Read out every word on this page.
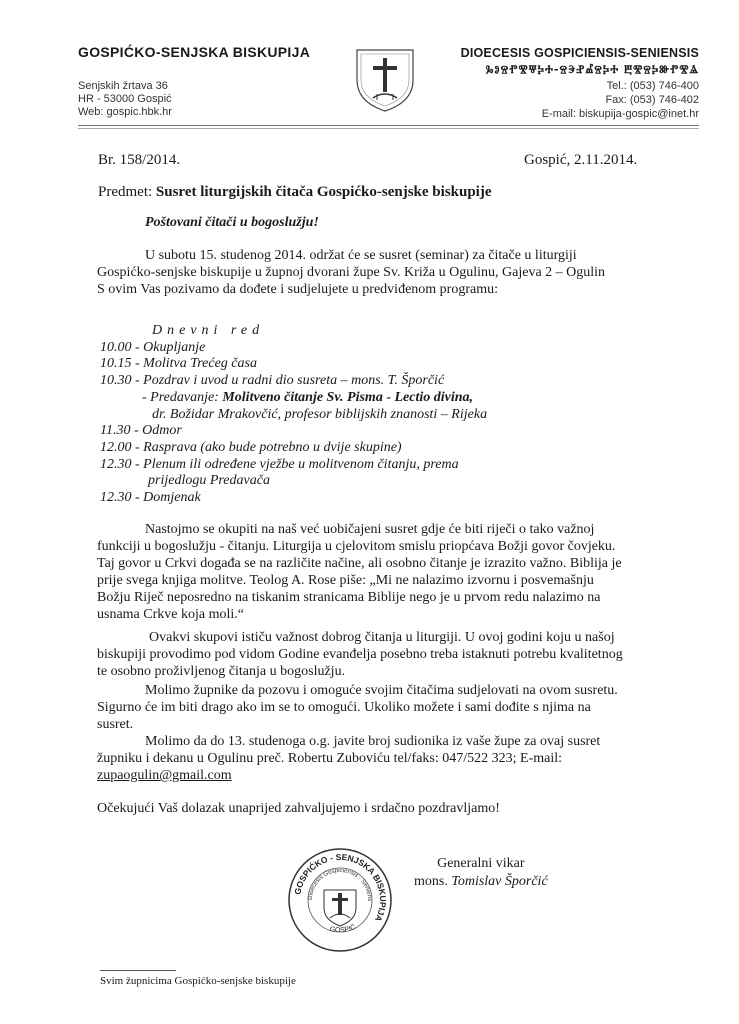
GOSPIĆKO-SENJSKA BISKUPIJA
Senjskih žrtava 36
HR - 53000 Gospić
Web: gospic.hbk.hr
DIOECESIS GOSPICIENSIS-SENIENSIS
ⰃⰑⰔⰒⰊⰛⰍⰀ-ⰔⰅⰐⰌⰔⰍⰀ ⰁⰊⰔⰍⰖⰒⰊⰡ
Tel.: (053) 746-400
Fax: (053) 746-402
E-mail: biskupija-gospic@inet.hr
Br. 158/2014.	Gospić, 2.11.2014.
Predmet: Susret liturgijskih čitača Gospićko-senjske biskupije
Poštovani čitači u bogoslužju!
U subotu 15. studenog 2014. održat će se susret (seminar) za čitače u liturgiji
Gospićko-senjske biskupije u župnoj dvorani župe Sv. Križa u Ogulinu, Gajeva 2 – Ogulin
S ovim Vas pozivamo da dođete i sudjelujete u predviđenom programu:
Dnevni red
10.00 - Okupljanje
10.15 - Molitva Trećeg časa
10.30 - Pozdrav i uvod u radni dio susreta – mons. T. Šporčić
- Predavanje: Molitveno čitanje Sv. Pisma - Lectio divina,
dr. Božidar Mrakovčić, profesor biblijskih znanosti – Rijeka
11.30 - Odmor
12.00 - Rasprava (ako bude potrebno u dvije skupine)
12.30 - Plenum ili određene vježbe u molitvenom čitanju, prema
prijedlogu Predavača
12.30 - Domjenak
Nastojmo se okupiti na naš već uobičajeni susret gdje će biti riječi o tako važnoj
funkciji u bogoslužju - čitanju. Liturgija u cjelovitom smislu priopćava Božji govor čovjeku.
Taj govor u Crkvi događa se na različite načine, ali osobno čitanje je izrazito važno. Biblija je
prije svega knjiga molitve. Teolog A. Rose piše: „Mi ne nalazimo izvornu i posvemašnju
Božju Riječ neposredno na tiskanim stranicama Biblije nego je u prvom redu nalazimo na
usnama Crkve koja moli.“
Ovakvi skupovi ističu važnost dobrog čitanja u liturgiji. U ovoj godini koju u našoj
biskupiji provodimo pod vidom Godine evanđelja posebno treba istaknuti potrebu kvalitetnog
te osobno proživljenog čitanja u bogoslužju.
Molimo župnike da pozovu i omoguće svojim čitačima sudjelovati na ovom susretu.
Sigurno će im biti drago ako im se to omogući. Ukoliko možete i sami dođite s njima na
susret.
Molimo da do 13. studenoga o.g. javite broj sudionika iz vaše župe za ovaj susret
župniku i dekanu u Ogulinu preč. Robertu Zuboviću tel/faks: 047/522 323; E-mail:
zupaogulin@gmail.com
Očekujući Vaš dolazak unaprijed zahvaljujemo i srdačno pozdravljamo!
GOSPIĆKO - SENJSKA BISKUPIJA
Dioecesis Gospiciensis - Seniens
GOSPIĆ
Generalni vikar
mons. Tomislav Šporčić
Svim župnicima Gospićko-senjske biskupije
